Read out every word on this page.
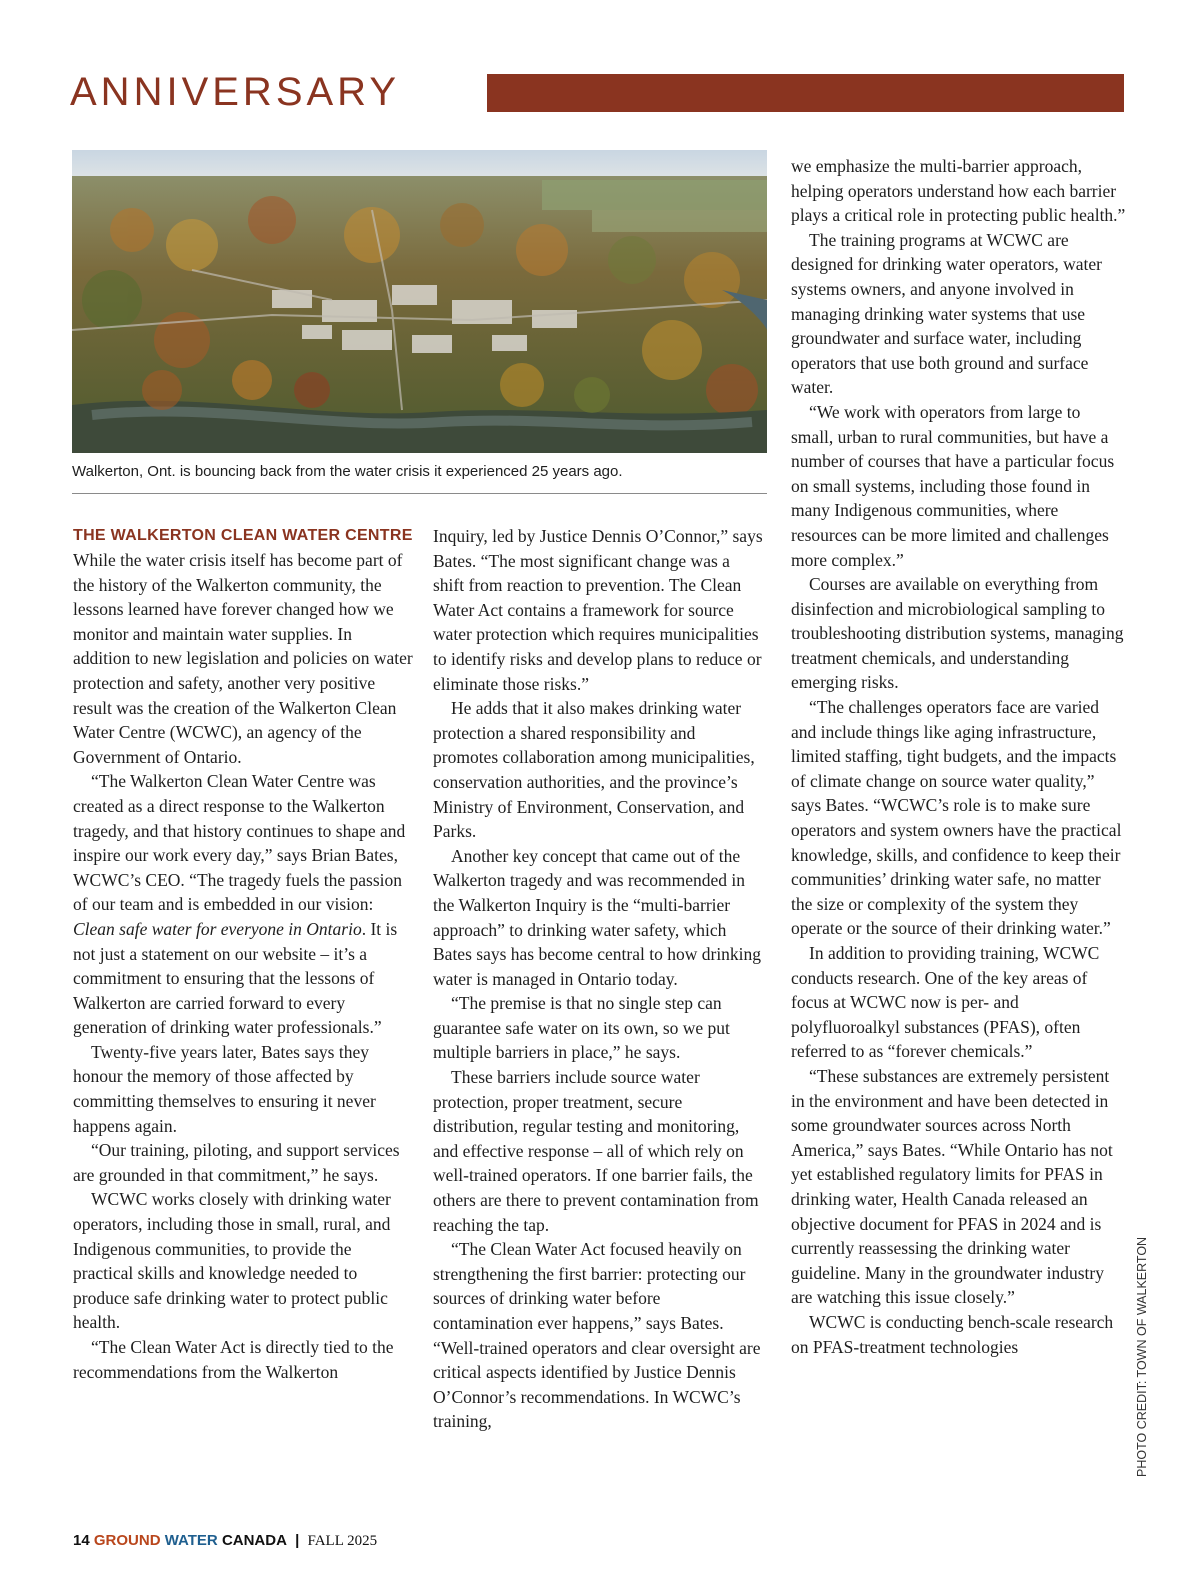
ANNIVERSARY
Walkerton, Ont. is bouncing back from the water crisis it experienced 25 years ago.
THE WALKERTON CLEAN WATER CENTRE

While the water crisis itself has become part of the history of the Walkerton community, the lessons learned have forever changed how we monitor and maintain water supplies. In addition to new legislation and policies on water protection and safety, another very positive result was the creation of the Walkerton Clean Water Centre (WCWC), an agency of the Government of Ontario.

“The Walkerton Clean Water Centre was created as a direct response to the Walkerton tragedy, and that history continues to shape and inspire our work every day,” says Brian Bates, WCWC’s CEO. “The tragedy fuels the passion of our team and is embedded in our vision: Clean safe water for everyone in Ontario. It is not just a statement on our website – it’s a commitment to ensuring that the lessons of Walkerton are carried forward to every generation of drinking water professionals.”

Twenty-five years later, Bates says they honour the memory of those affected by committing themselves to ensuring it never happens again.

“Our training, piloting, and support services are grounded in that commitment,” he says.

WCWC works closely with drinking water operators, including those in small, rural, and Indigenous communities, to provide the practical skills and knowledge needed to produce safe drinking water to protect public health.

“The Clean Water Act is directly tied to the recommendations from the Walkerton

Inquiry, led by Justice Dennis O’Connor,” says Bates. “The most significant change was a shift from reaction to prevention. The Clean Water Act contains a framework for source water protection which requires municipalities to identify risks and develop plans to reduce or eliminate those risks.”

He adds that it also makes drinking water protection a shared responsibility and promotes collaboration among municipalities, conservation authorities, and the province’s Ministry of Environment, Conservation, and Parks.

Another key concept that came out of the Walkerton tragedy and was recommended in the Walkerton Inquiry is the “multi-barrier approach” to drinking water safety, which Bates says has become central to how drinking water is managed in Ontario today.

“The premise is that no single step can guarantee safe water on its own, so we put multiple barriers in place,” he says.

These barriers include source water protection, proper treatment, secure distribution, regular testing and monitoring, and effective response – all of which rely on well-trained operators. If one barrier fails, the others are there to prevent contamination from reaching the tap.

“The Clean Water Act focused heavily on strengthening the first barrier: protecting our sources of drinking water before contamination ever happens,” says Bates. “Well-trained operators and clear oversight are critical aspects identified by Justice Dennis O’Connor’s recommendations. In WCWC’s training,

we emphasize the multi-barrier approach, helping operators understand how each barrier plays a critical role in protecting public health.”

The training programs at WCWC are designed for drinking water operators, water systems owners, and anyone involved in managing drinking water systems that use groundwater and surface water, including operators that use both ground and surface water.

“We work with operators from large to small, urban to rural communities, but have a number of courses that have a particular focus on small systems, including those found in many Indigenous communities, where resources can be more limited and challenges more complex.”

Courses are available on everything from disinfection and microbiological sampling to troubleshooting distribution systems, managing treatment chemicals, and understanding emerging risks.

“The challenges operators face are varied and include things like aging infrastructure, limited staffing, tight budgets, and the impacts of climate change on source water quality,” says Bates. “WCWC’s role is to make sure operators and system owners have the practical knowledge, skills, and confidence to keep their communities’ drinking water safe, no matter the size or complexity of the system they operate or the source of their drinking water.”

In addition to providing training, WCWC conducts research. One of the key areas of focus at WCWC now is per- and polyfluoroalkyl substances (PFAS), often referred to as “forever chemicals.”

“These substances are extremely persistent in the environment and have been detected in some groundwater sources across North America,” says Bates. “While Ontario has not yet established regulatory limits for PFAS in drinking water, Health Canada released an objective document for PFAS in 2024 and is currently reassessing the drinking water guideline. Many in the groundwater industry are watching this issue closely.”

WCWC is conducting bench-scale research on PFAS-treatment technologies	PHOTO CREDIT: TOWN OF WALKERTON
14 GROUND WATER CANADA | FALL 2025
